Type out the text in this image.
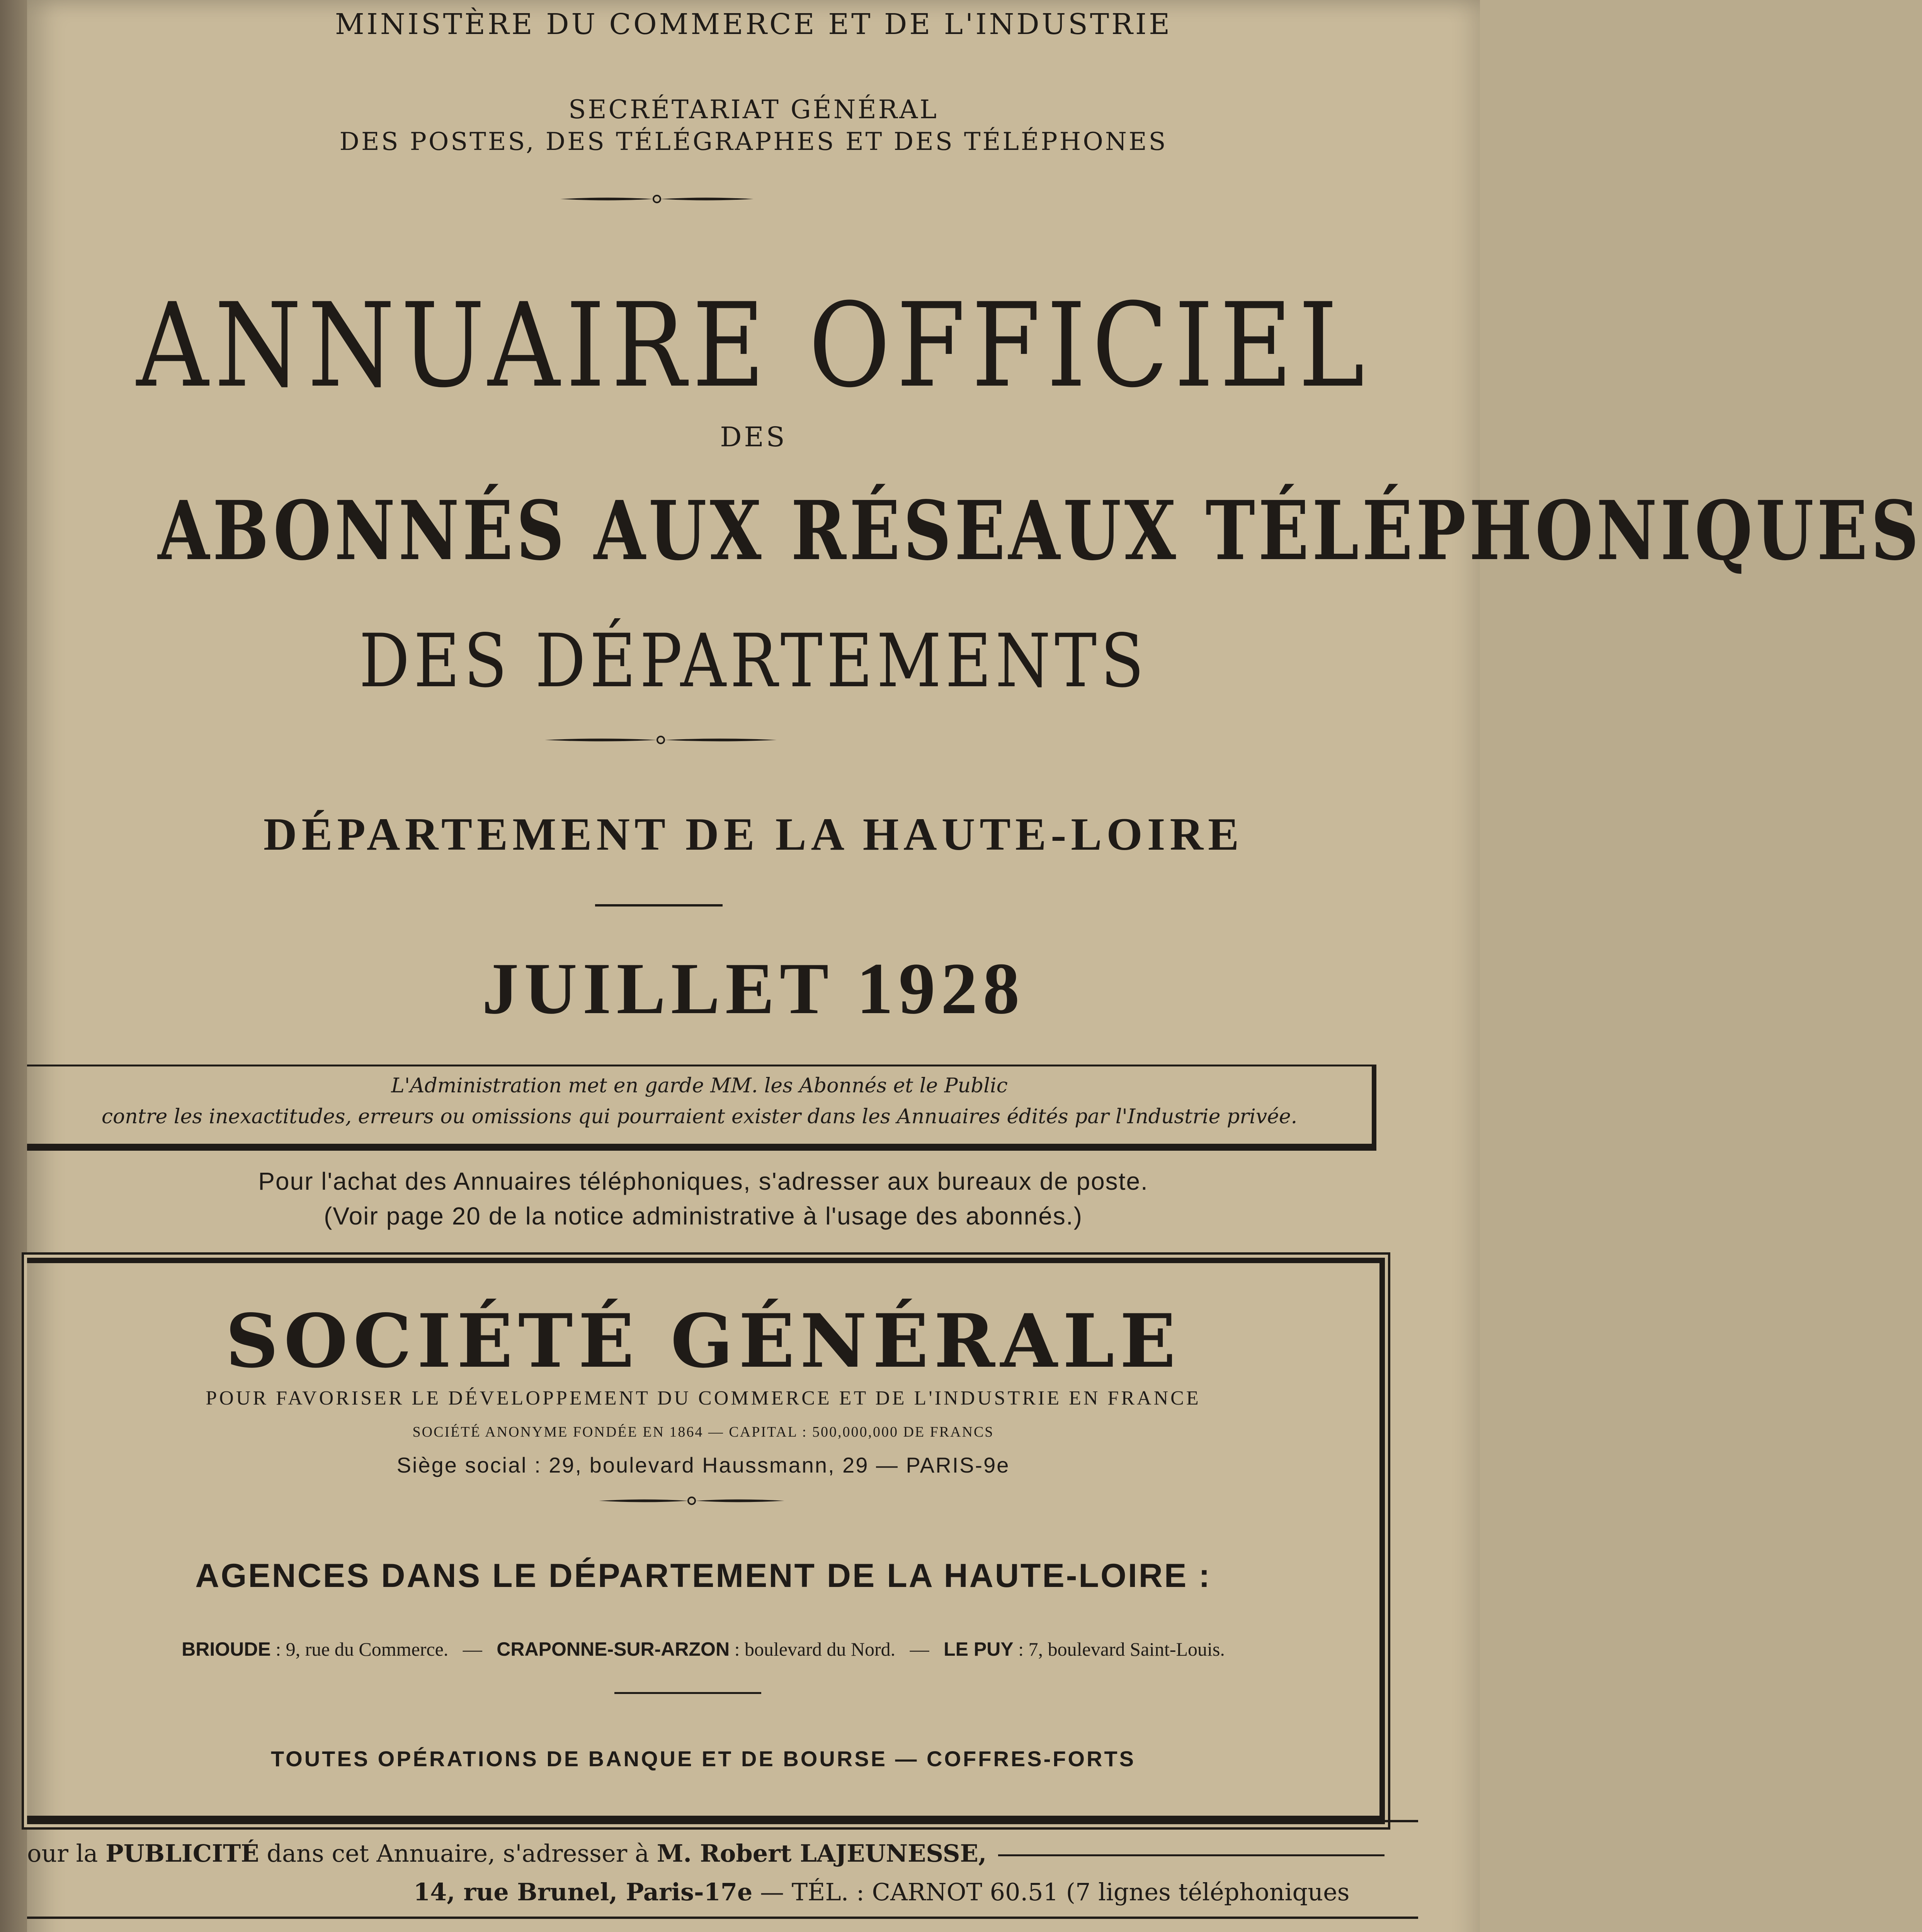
MINISTÈRE DU COMMERCE ET DE L'INDUSTRIE
SECRÉTARIAT GÉNÉRAL
DES POSTES, DES TÉLÉGRAPHES ET DES TÉLÉPHONES
ANNUAIRE OFFICIEL
DES
ABONNÉS AUX RÉSEAUX TÉLÉPHONIQUES
DES DÉPARTEMENTS
DÉPARTEMENT DE LA HAUTE-LOIRE
JUILLET 1928
L'Administration met en garde MM. les Abonnés et le Public
contre les inexactitudes, erreurs ou omissions qui pourraient exister dans les Annuaires édités par l'Industrie privée.
Pour l'achat des Annuaires téléphoniques, s'adresser aux bureaux de poste.
(Voir page 20 de la notice administrative à l'usage des abonnés.)
SOCIÉTÉ GÉNÉRALE
POUR FAVORISER LE DÉVELOPPEMENT DU COMMERCE ET DE L'INDUSTRIE EN FRANCE
SOCIÉTÉ ANONYME FONDÉE EN 1864 — CAPITAL : 500,000,000 DE FRANCS
Siège social : 29, boulevard Haussmann, 29 — PARIS-9e
AGENCES DANS LE DÉPARTEMENT DE LA HAUTE-LOIRE :
BRIOUDE : 9, rue du Commerce. — CRAPONNE-SUR-ARZON : boulevard du Nord. — LE PUY : 7, boulevard Saint-Louis.
TOUTES OPÉRATIONS DE BANQUE ET DE BOURSE — COFFRES-FORTS
our la PUBLICITÉ dans cet Annuaire, s'adresser à M. Robert LAJEUNESSE,
14, rue Brunel, Paris-17e — TÉL. : CARNOT 60.51 (7 lignes téléphoniques
